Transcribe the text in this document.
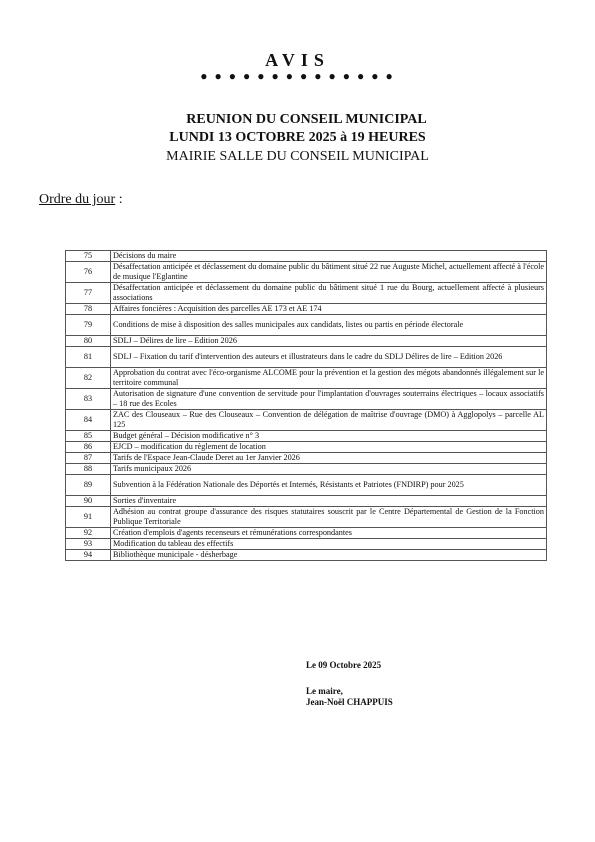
AVIS
● ● ● ● ● ● ● ● ● ● ● ● ● ●
REUNION DU CONSEIL MUNICIPAL
LUNDI 13 OCTOBRE 2025 à 19 HEURES
MAIRIE SALLE DU CONSEIL MUNICIPAL
Ordre du jour :
75	Décisions du maire
76	Désaffectation anticipée et déclassement du domaine public du bâtiment situé 22 rue Auguste Michel, actuellement affecté à l'école de musique l'Eglantine
77	Désaffectation anticipée et déclassement du domaine public du bâtiment situé 1 rue du Bourg, actuellement affecté à plusieurs associations
78	Affaires foncières : Acquisition des parcelles AE 173 et AE 174
79	Conditions de mise à disposition des salles municipales aux candidats, listes ou partis en période électorale
80	SDLJ – Délires de lire – Edition 2026
81	SDLJ – Fixation du tarif d'intervention des auteurs et illustrateurs dans le cadre du SDLJ Délires de lire – Edition 2026
82	Approbation du contrat avec l'éco-organisme ALCOME pour la prévention et la gestion des mégots abandonnés illégalement sur le territoire communal
83	Autorisation de signature d'une convention de servitude pour l'implantation d'ouvrages souterrains électriques – locaux associatifs – 18 rue des Ecoles
84	ZAC des Clouseaux – Rue des Clouseaux – Convention de délégation de maîtrise d'ouvrage (DMO) à Agglopolys – parcelle AL 125
85	Budget général – Décision modificative n° 3
86	EJCD – modification du règlement de location
87	Tarifs de l'Espace Jean-Claude Deret au 1er Janvier 2026
88	Tarifs municipaux 2026
89	Subvention à la Fédération Nationale des Déportés et Internés, Résistants et Patriotes (FNDIRP) pour 2025
90	Sorties d'inventaire
91	Adhésion au contrat groupe d'assurance des risques statutaires souscrit par le Centre Départemental de Gestion de la Fonction Publique Territoriale
92	Création d'emplois d'agents recenseurs et rémunérations correspondantes
93	Modification du tableau des effectifs
94	Bibliothèque municipale - désherbage
Le 09 Octobre 2025
Le maire,
Jean-Noël CHAPPUIS
